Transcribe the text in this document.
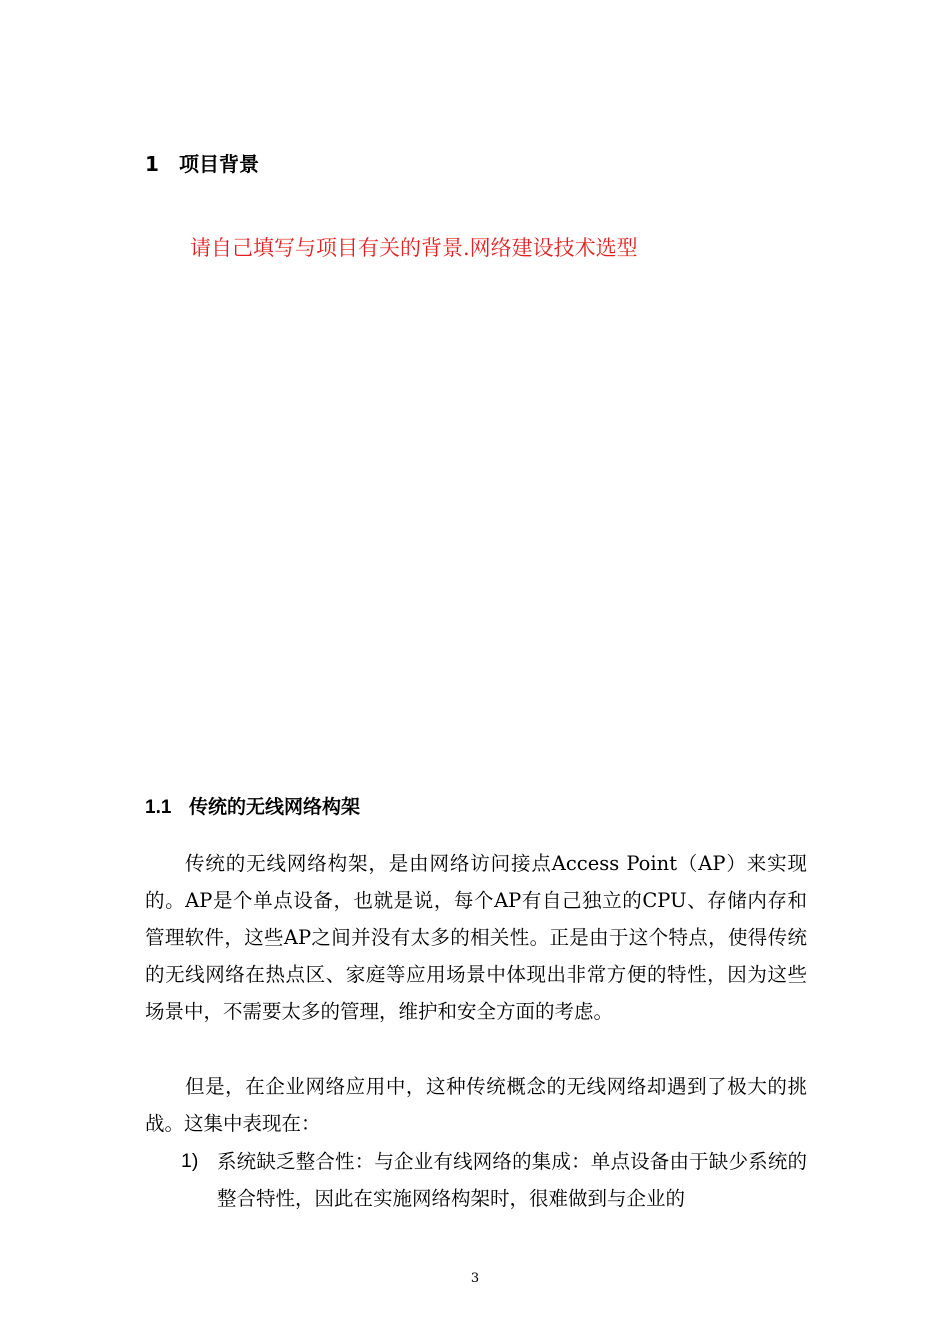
1 项目背景
请自己填写与项目有关的背景.网络建设技术选型
1.1 传统的无线网络构架
传统的无线网络构架，是由网络访问接点Access Point（AP）来实现的。AP是个单点设备，也就是说，每个AP有自己独立的CPU、存储内存和管理软件，这些AP之间并没有太多的相关性。正是由于这个特点，使得传统的无线网络在热点区、家庭等应用场景中体现出非常方便的特性，因为这些场景中，不需要太多的管理，维护和安全方面的考虑。
但是，在企业网络应用中，这种传统概念的无线网络却遇到了极大的挑战。这集中表现在：
1) 系统缺乏整合性：与企业有线网络的集成：单点设备由于缺少系统的整合特性，因此在实施网络构架时，很难做到与企业的
3
